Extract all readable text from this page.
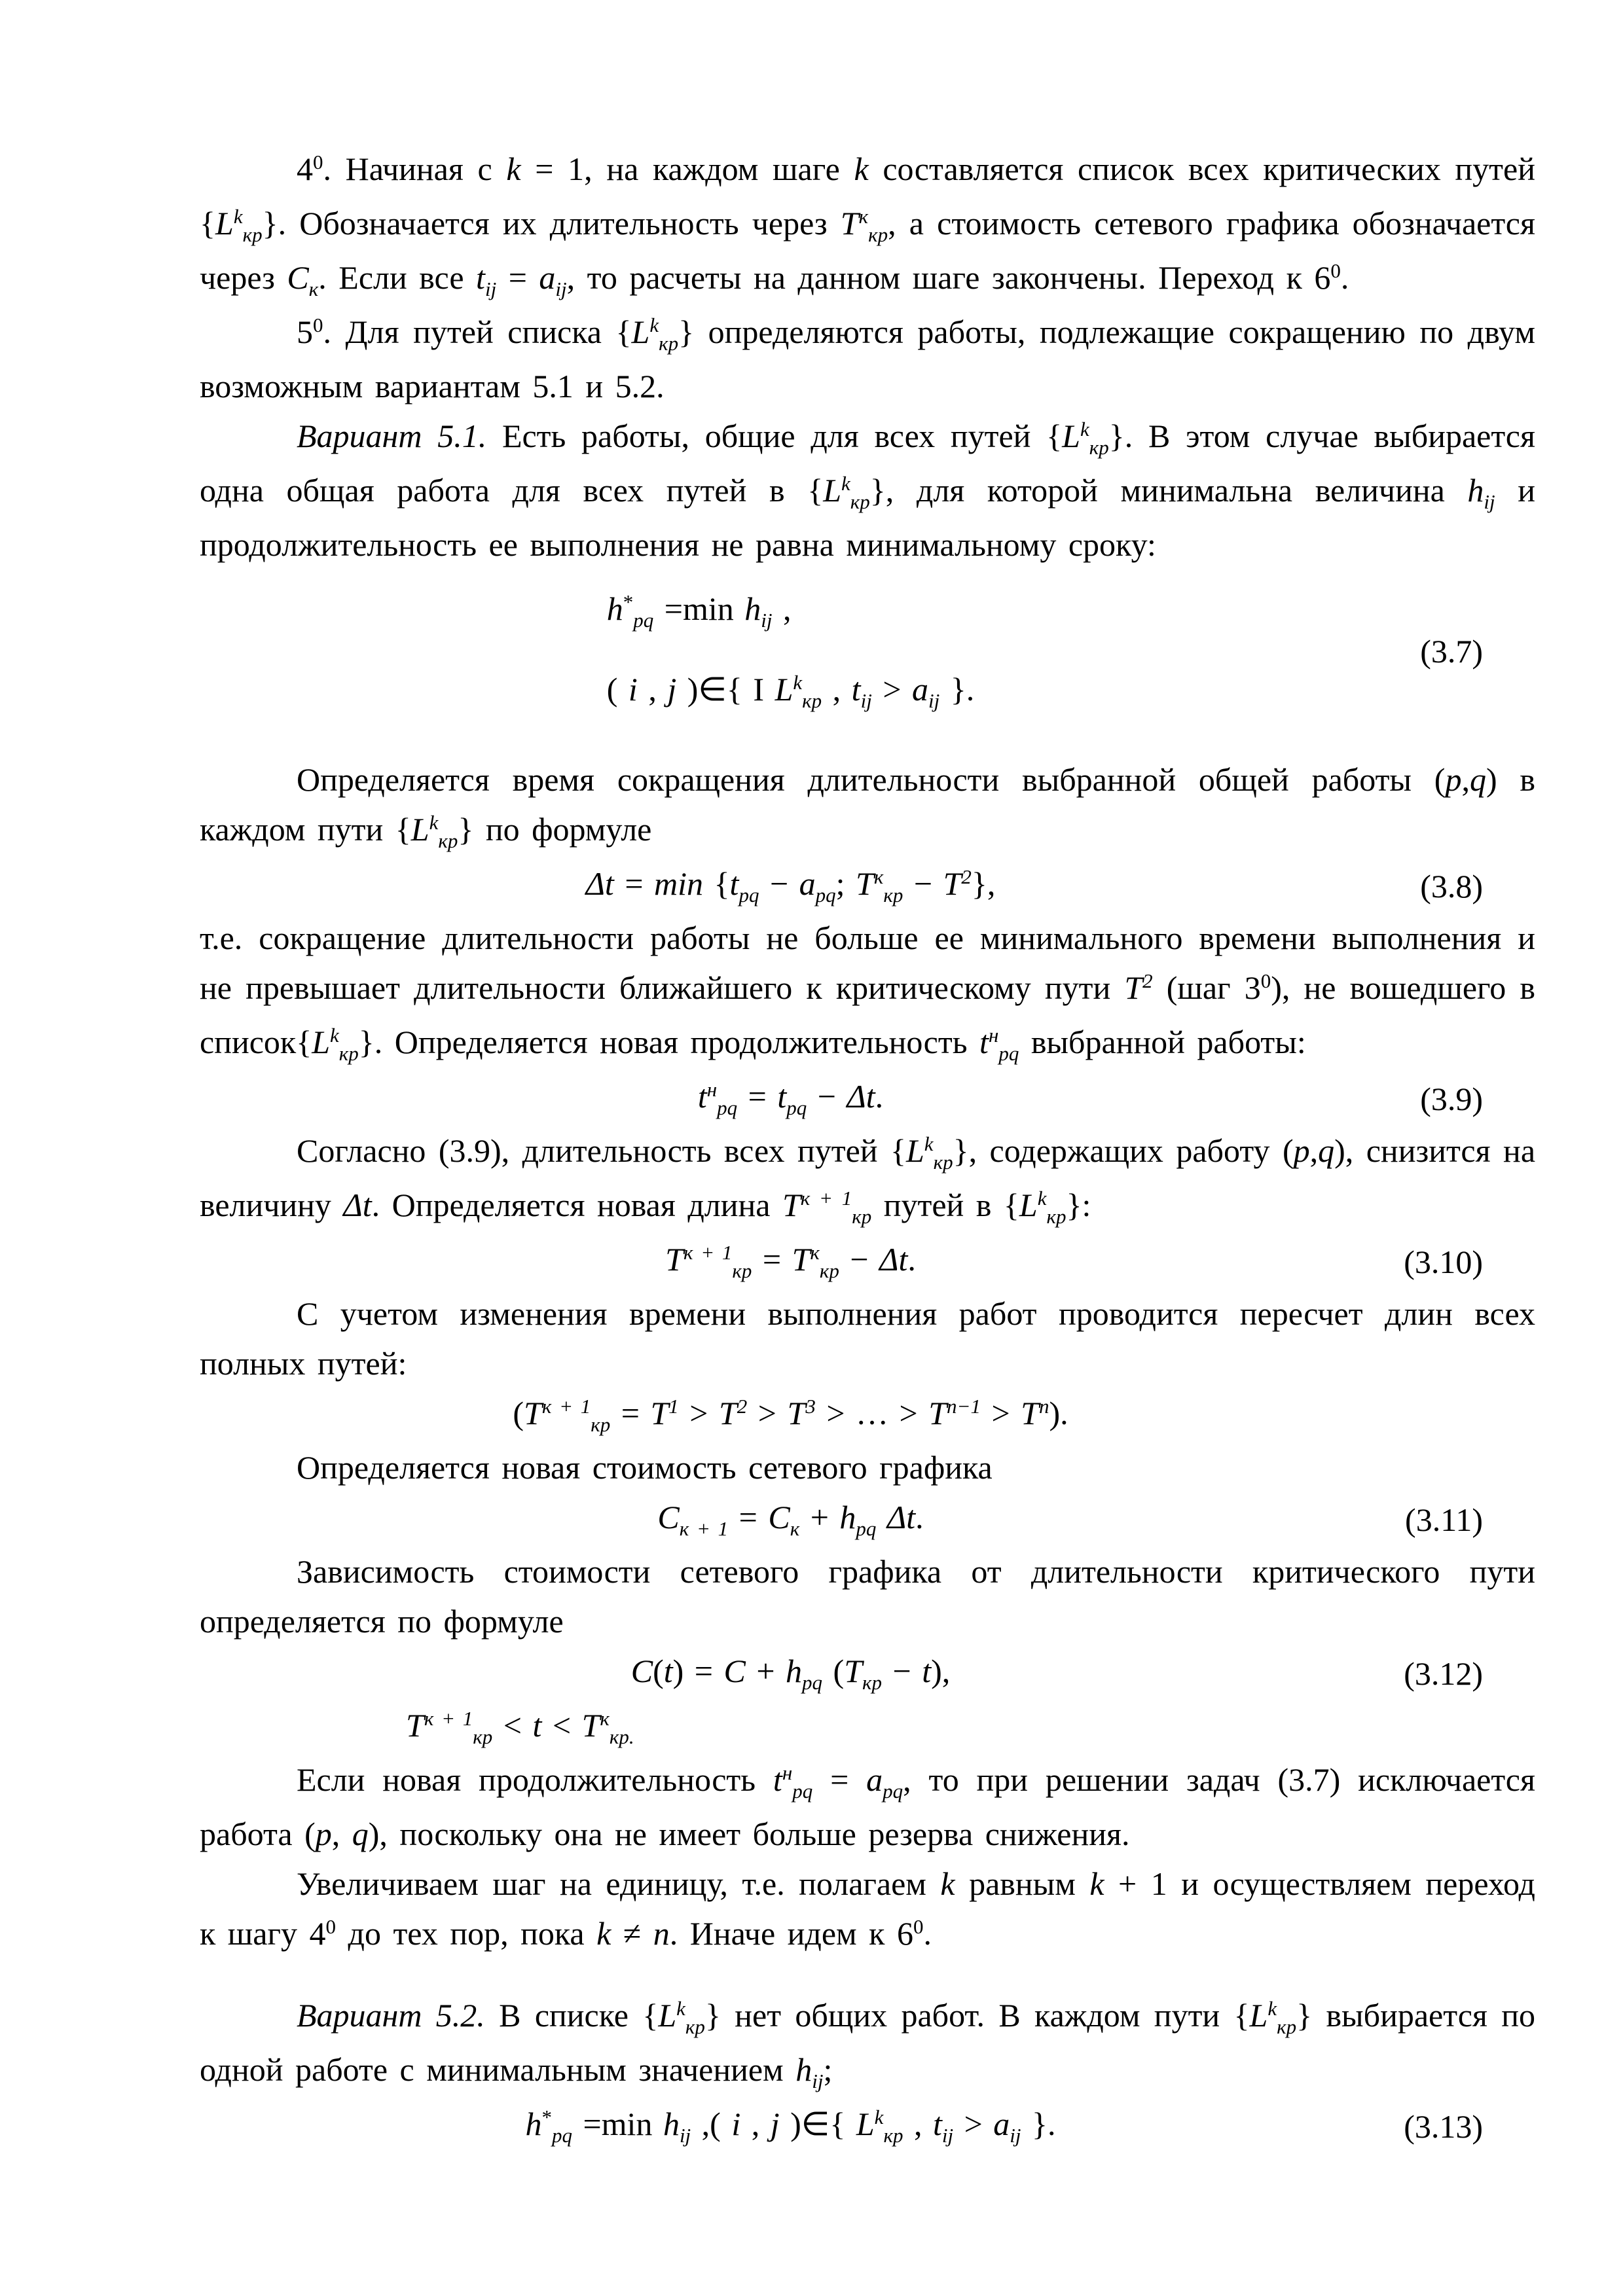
$4^0$. Начиная с k = 1, на каждом шаге k составляется список всех критических путей $\{L^k_{кр}\}$. Обозначается их длительность через $T^к_{кр}$, а стоимость сетевого графика обозначается через $C_к$. Если все $t_{ij} = a_{ij}$, то расчеты на данном шаге закончены. Переход к $6^0$.

$5^0$. Для путей списка $\{L^k_{кр}\}$ определяются работы, подлежащие сокращению по двум возможным вариантам 5.1 и 5.2.

Вариант 5.1. Есть работы, общие для всех путей $\{L^k_{кр}\}$. В этом случае выбирается одна общая работа для всех путей в $\{L^k_{кр}\}$, для которой минимальна величина $h_{ij}$ и продолжительность ее выполнения не равна минимальному сроку:

$h^*_{pq} =\min$ $h_{ij}$ ,
( i , j )∈{ I $L^k_{кр}$ , $t_{ij} > a_{ij}$ }.
(3.7)

Определяется время сокращения длительности выбранной общей работы (p,q) в каждом пути $\{L^k_{кр}\}$ по формуле

$\Delta t = \min \{t_{pq} - a_{pq}$; $T^к_{кр} - T^2$},	(3.8)

т.е. сокращение длительности работы не больше ее минимального времени выполнения и не превышает длительности ближайшего к критическому пути $T^2$ (шаг $3^0$), не вошедшего в $список\{L^k_{кр}\}$. Определяется новая продолжительность $t^н_{pq}$ выбранной работы:

$t^н_{pq} = t_{pq} - \Delta t$.	(3.9)

Согласно (3.9), длительность всех путей $\{L^k_{кр}\}$, содержащих работу (p,q), снизится на величину Δt. Определяется новая длина $T^{к + 1}_{кр}$ путей в $\{L^k_{кр}\}$:

$T^{к + 1}_{кр} = T^к_{кр} - \Delta t$.	(3.10)

С учетом изменения времени выполнения работ проводится пересчет длин всех полных путей:

($T^{к + 1}_{кр} = T^1 > T^2 > T^3$ > … > $T^{n-1} > T^n$).

Определяется новая стоимость сетевого графика

$C_{к + 1} = C_к + h_{pq}$ Δt.	(3.11)

Зависимость стоимости сетевого графика от длительности критического пути определяется по формуле

$C(t) = C + h_{pq}$ $(T_{кр} - t)$,	(3.12)
$T^{к + 1}_{кр} < t < T^к_{кр.}$

Если новая продолжительность $t^н_{pq} = a_{pq}$, то при решении задач (3.7) исключается работа (p, q), поскольку она не имеет больше резерва снижения.

Увеличиваем шаг на единицу, т.е. полагаем k равным k + 1 и осуществляем переход к шагу $4^0$ до тех пор, пока k ≠ n. Иначе идем к $6^0$.

Вариант 5.2. В списке $\{L^k_{кр}\}$ нет общих работ. В каждом пути $\{L^k_{кр}\}$ выбирается по одной работе с минимальным значением $h_{ij}$;

$h^*_{pq} =\min$ $h_{ij}$ ,( i , j )∈{ $L^k_{кр}$ , $t_{ij} > a_{ij}$ }.	(3.13)
